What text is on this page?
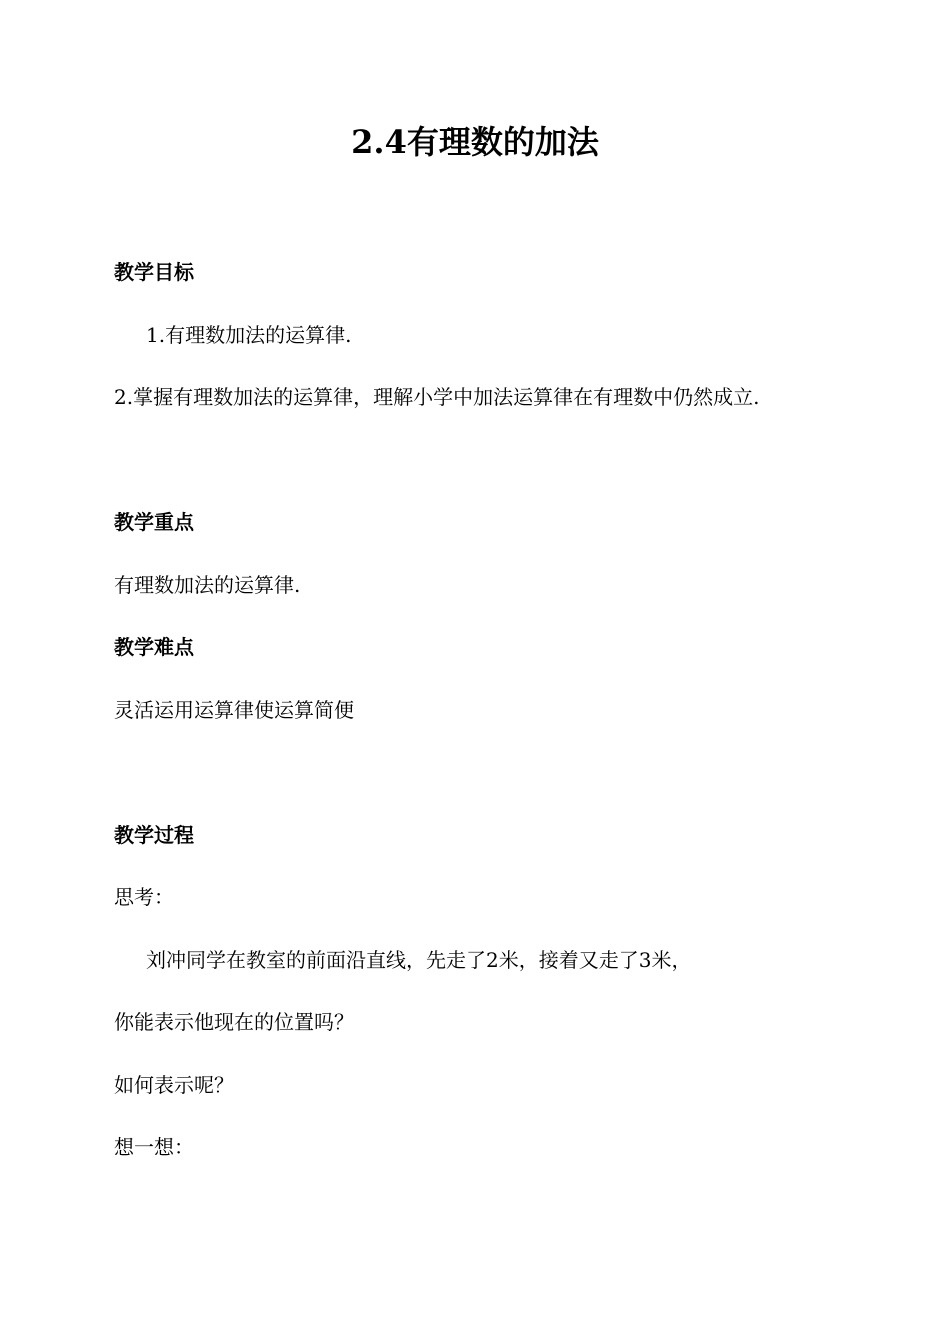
2.4有理数的加法
教学目标
1.有理数加法的运算律.
2.掌握有理数加法的运算律，理解小学中加法运算律在有理数中仍然成立.
教学重点
有理数加法的运算律.
教学难点
灵活运用运算律使运算简便
教学过程
思考：
刘冲同学在教室的前面沿直线，先走了2米，接着又走了3米，
你能表示他现在的位置吗？
如何表示呢？
想一想：
